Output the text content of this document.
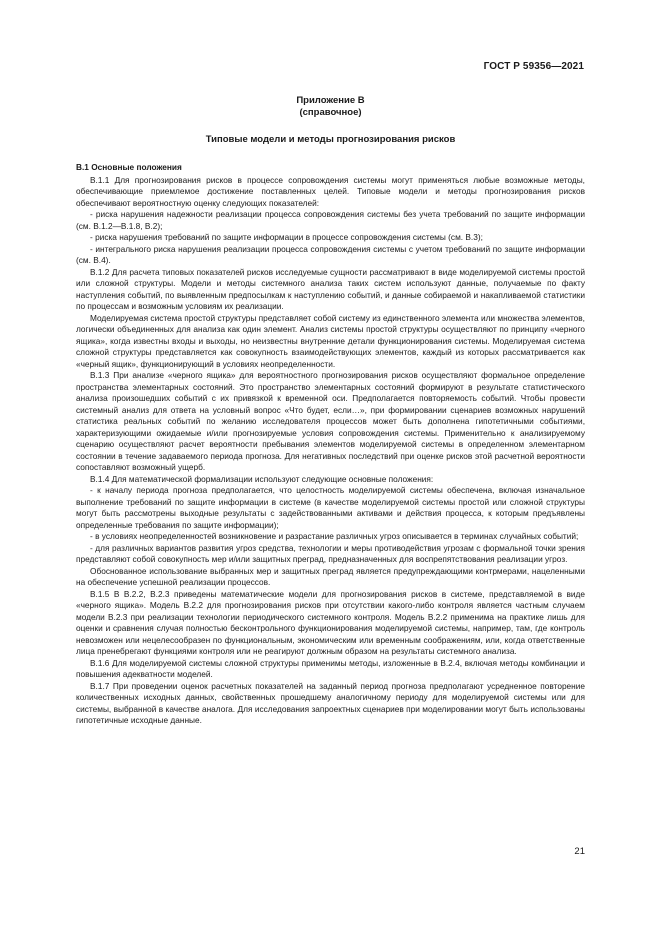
ГОСТ Р 59356—2021
Приложение В
(справочное)
Типовые модели и методы прогнозирования рисков
В.1 Основные положения

В.1.1 Для прогнозирования рисков в процессе сопровождения системы могут применяться любые возможные методы, обеспечивающие приемлемое достижение поставленных целей. Типовые модели и методы прогнозирования рисков обеспечивают вероятностную оценку следующих показателей:

- риска нарушения надежности реализации процесса сопровождения системы без учета требований по защите информации (см. В.1.2—В.1.8, В.2);

- риска нарушения требований по защите информации в процессе сопровождения системы (см. В.3);

- интегрального риска нарушения реализации процесса сопровождения системы с учетом требований по защите информации (см. В.4).

В.1.2 Для расчета типовых показателей рисков исследуемые сущности рассматривают в виде моделируемой системы простой или сложной структуры. Модели и методы системного анализа таких систем используют данные, получаемые по факту наступления событий, по выявленным предпосылкам к наступлению событий, и данные собираемой и накапливаемой статистики по процессам и возможным условиям их реализации.

Моделируемая система простой структуры представляет собой систему из единственного элемента или множества элементов, логически объединенных для анализа как один элемент. Анализ системы простой структуры осуществляют по принципу «черного ящика», когда известны входы и выходы, но неизвестны внутренние детали функционирования системы. Моделируемая система сложной структуры представляется как совокупность взаимодействующих элементов, каждый из которых рассматривается как «черный ящик», функционирующий в условиях неопределенности.

В.1.3 При анализе «черного ящика» для вероятностного прогнозирования рисков осуществляют формальное определение пространства элементарных состояний. Это пространство элементарных состояний формируют в результате статистического анализа произошедших событий с их привязкой к временной оси. Предполагается повторяемость событий. Чтобы провести системный анализ для ответа на условный вопрос «Что будет, если…», при формировании сценариев возможных нарушений статистика реальных событий по желанию исследователя процессов может быть дополнена гипотетичными событиями, характеризующими ожидаемые и/или прогнозируемые условия сопровождения системы. Применительно к анализируемому сценарию осуществляют расчет вероятности пребывания элементов моделируемой системы в определенном элементарном состоянии в течение задаваемого периода прогноза. Для негативных последствий при оценке рисков этой расчетной вероятности сопоставляют возможный ущерб.

В.1.4 Для математической формализации используют следующие основные положения:

- к началу периода прогноза предполагается, что целостность моделируемой системы обеспечена, включая изначальное выполнение требований по защите информации в системе (в качестве моделируемой системы простой или сложной структуры могут быть рассмотрены выходные результаты с задействованными активами и действия процесса, к которым предъявлены определенные требования по защите информации);

- в условиях неопределенностей возникновение и разрастание различных угроз описывается в терминах случайных событий;

- для различных вариантов развития угроз средства, технологии и меры противодействия угрозам с формальной точки зрения представляют собой совокупность мер и/или защитных преград, предназначенных для воспрепятствования реализации угроз.

Обоснованное использование выбранных мер и защитных преград является предупреждающими контрмерами, нацеленными на обеспечение успешной реализации процессов.

В.1.5 В В.2.2, В.2.3 приведены математические модели для прогнозирования рисков в системе, представляемой в виде «черного ящика». Модель В.2.2 для прогнозирования рисков при отсутствии какого-либо контроля является частным случаем модели В.2.3 при реализации технологии периодического системного контроля. Модель В.2.2 применима на практике лишь для оценки и сравнения случая полностью бесконтрольного функционирования моделируемой системы, например, там, где контроль невозможен или нецелесообразен по функциональным, экономическим или временным соображениям, или, когда ответственные лица пренебрегают функциями контроля или не реагируют должным образом на результаты системного анализа.

В.1.6 Для моделируемой системы сложной структуры применимы методы, изложенные в В.2.4, включая методы комбинации и повышения адекватности моделей.

В.1.7 При проведении оценок расчетных показателей на заданный период прогноза предполагают усредненное повторение количественных исходных данных, свойственных прошедшему аналогичному периоду для моделируемой системы или для системы, выбранной в качестве аналога. Для исследования запроектных сценариев при моделировании могут быть использованы гипотетичные исходные данные.

21
